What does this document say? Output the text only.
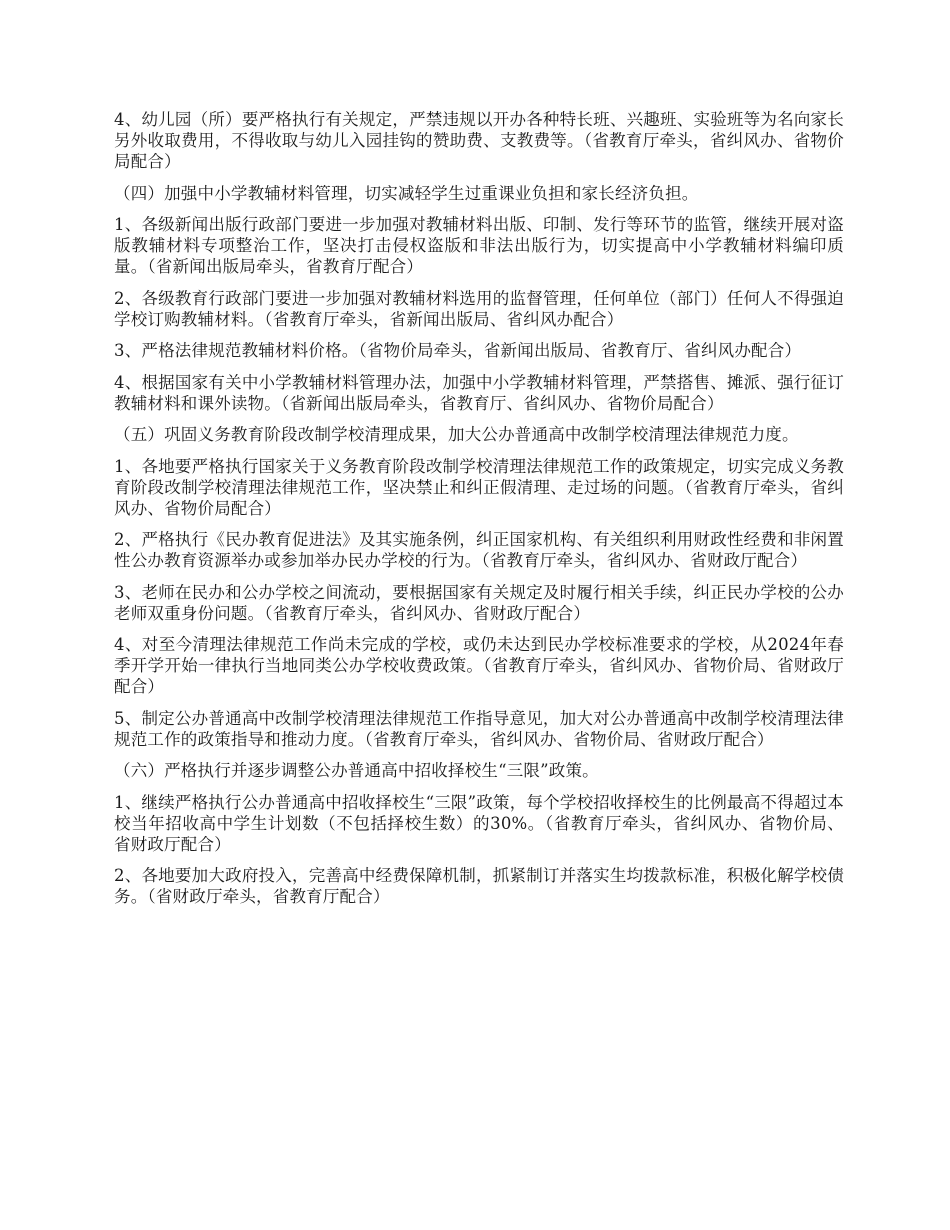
4、幼儿园（所）要严格执行有关规定，严禁违规以开办各种特长班、兴趣班、实验班等为名向家长另外收取费用，不得收取与幼儿入园挂钩的赞助费、支教费等。（省教育厅牵头，省纠风办、省物价局配合）

（四）加强中小学教辅材料管理，切实减轻学生过重课业负担和家长经济负担。

1、各级新闻出版行政部门要进一步加强对教辅材料出版、印制、发行等环节的监管，继续开展对盗版教辅材料专项整治工作，坚决打击侵权盗版和非法出版行为，切实提高中小学教辅材料编印质量。（省新闻出版局牵头，省教育厅配合）

2、各级教育行政部门要进一步加强对教辅材料选用的监督管理，任何单位（部门）任何人不得强迫学校订购教辅材料。（省教育厅牵头，省新闻出版局、省纠风办配合）

3、严格法律规范教辅材料价格。（省物价局牵头，省新闻出版局、省教育厅、省纠风办配合）

4、根据国家有关中小学教辅材料管理办法，加强中小学教辅材料管理，严禁搭售、摊派、强行征订教辅材料和课外读物。（省新闻出版局牵头，省教育厅、省纠风办、省物价局配合）

（五）巩固义务教育阶段改制学校清理成果，加大公办普通高中改制学校清理法律规范力度。

1、各地要严格执行国家关于义务教育阶段改制学校清理法律规范工作的政策规定，切实完成义务教育阶段改制学校清理法律规范工作，坚决禁止和纠正假清理、走过场的问题。（省教育厅牵头，省纠风办、省物价局配合）

2、严格执行《民办教育促进法》及其实施条例，纠正国家机构、有关组织利用财政性经费和非闲置性公办教育资源举办或参加举办民办学校的行为。（省教育厅牵头，省纠风办、省财政厅配合）

3、老师在民办和公办学校之间流动，要根据国家有关规定及时履行相关手续，纠正民办学校的公办老师双重身份问题。（省教育厅牵头，省纠风办、省财政厅配合）

4、对至今清理法律规范工作尚未完成的学校，或仍未达到民办学校标准要求的学校，从2024年春季开学开始一律执行当地同类公办学校收费政策。（省教育厅牵头，省纠风办、省物价局、省财政厅配合）

5、制定公办普通高中改制学校清理法律规范工作指导意见，加大对公办普通高中改制学校清理法律规范工作的政策指导和推动力度。（省教育厅牵头，省纠风办、省物价局、省财政厅配合）

（六）严格执行并逐步调整公办普通高中招收择校生“三限”政策。

1、继续严格执行公办普通高中招收择校生“三限”政策，每个学校招收择校生的比例最高不得超过本校当年招收高中学生计划数（不包括择校生数）的30%。（省教育厅牵头，省纠风办、省物价局、省财政厅配合）

2、各地要加大政府投入，完善高中经费保障机制，抓紧制订并落实生均拨款标准，积极化解学校债务。（省财政厅牵头，省教育厅配合）
